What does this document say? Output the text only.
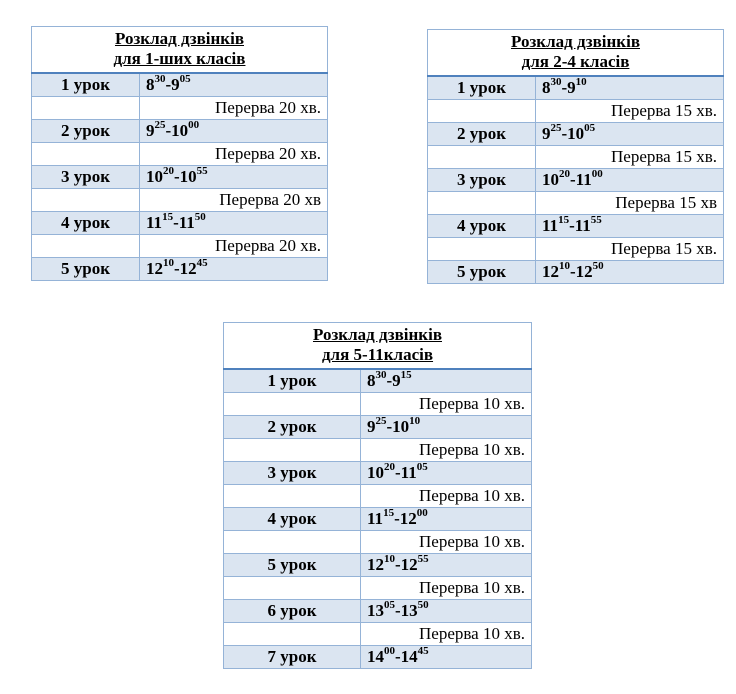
Розклад дзвінків
для 1-ших класів	

1 урок	$8^{30}-9^{05}$
	Перерва 20 хв.
2 урок	$9^{25}-10^{00}$
	Перерва 20 хв.
3 урок	$10^{20}-10^{55}$
	Перерва 20 хв
4 урок	$11^{15}-11^{50}$
	Перерва 20 хв.
5 урок	$12^{10}-12^{45}$
Розклад дзвінків
для 2-4 класів	

1 урок	$8^{30}-9^{10}$
	Перерва 15 хв.
2 урок	$9^{25}-10^{05}$
	Перерва 15 хв.
3 урок	$10^{20}-11^{00}$
	Перерва 15 хв
4 урок	$11^{15}-11^{55}$
	Перерва 15 хв.
5 урок	$12^{10}-12^{50}$
Розклад дзвінків
для 5-11класів	

1 урок	$8^{30}-9^{15}$
	Перерва 10 хв.
2 урок	$9^{25}-10^{10}$
	Перерва 10 хв.
3 урок	$10^{20}-11^{05}$
	Перерва 10 хв.
4 урок	$11^{15}-12^{00}$
	Перерва 10 хв.
5 урок	$12^{10}-12^{55}$
	Перерва 10 хв.
6 урок	$13^{05}-13^{50}$
	Перерва 10 хв.
7 урок	$14^{00}-14^{45}$
